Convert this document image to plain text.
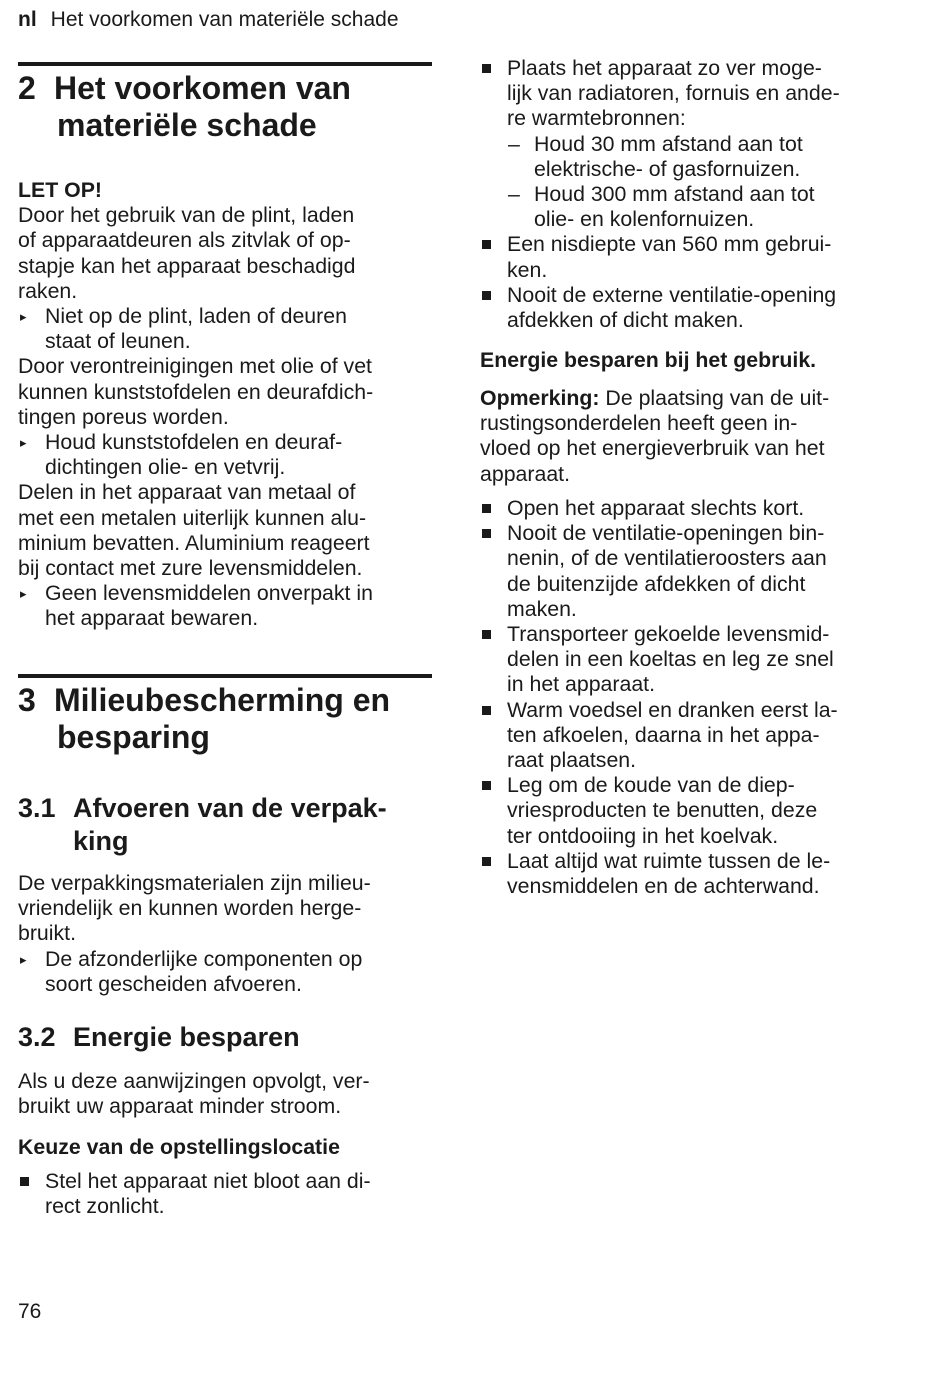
nl Het voorkomen van materiële schade
2 Het voorkomen van
materiële schade

LET OP!

Door het gebruik van de plint, laden
of apparaatdeuren als zitvlak of op-
stapje kan het apparaat beschadigd
raken.

▸ Niet op de plint, laden of deuren
staat of leunen.

Door verontreinigingen met olie of vet
kunnen kunststofdelen en deurafdich-
tingen poreus worden.

▸ Houd kunststofdelen en deuraf-
dichtingen olie- en vetvrij.

Delen in het apparaat van metaal of
met een metalen uiterlijk kunnen alu-
minium bevatten. Aluminium reageert
bij contact met zure levensmiddelen.

▸ Geen levensmiddelen onverpakt in
het apparaat bewaren.
3 Milieubescherming en
besparing
3.1 Afvoeren van de verpak-
king

De verpakkingsmaterialen zijn milieu-
vriendelijk en kunnen worden herge-
bruikt.

▸ De afzonderlijke componenten op
soort gescheiden afvoeren.
3.2 Energie besparen

Als u deze aanwijzingen opvolgt, ver-
bruikt uw apparaat minder stroom.

Keuze van de opstellingslocatie

Stel het apparaat niet bloot aan di-
rect zonlicht.
Plaats het apparaat zo ver moge-
lijk van radiatoren, fornuis en ande-
re warmtebronnen:
– Houd 30 mm afstand aan tot
elektrische- of gasfornuizen.
– Houd 300 mm afstand aan tot
olie- en kolenfornuizen.
Een nisdiepte van 560 mm gebrui-
ken.
Nooit de externe ventilatie-opening
afdekken of dicht maken.

Energie besparen bij het gebruik.

Opmerking: De plaatsing van de uit-
rustingsonderdelen heeft geen in-
vloed op het energieverbruik van het
apparaat.

Open het apparaat slechts kort.
Nooit de ventilatie-openingen bin-
nenin, of de ventilatieroosters aan
de buitenzijde afdekken of dicht
maken.
Transporteer gekoelde levensmid-
delen in een koeltas en leg ze snel
in het apparaat.
Warm voedsel en dranken eerst la-
ten afkoelen, daarna in het appa-
raat plaatsen.
Leg om de koude van de diep-
vriesproducten te benutten, deze
ter ontdooiing in het koelvak.
Laat altijd wat ruimte tussen de le-
vensmiddelen en de achterwand.
76
